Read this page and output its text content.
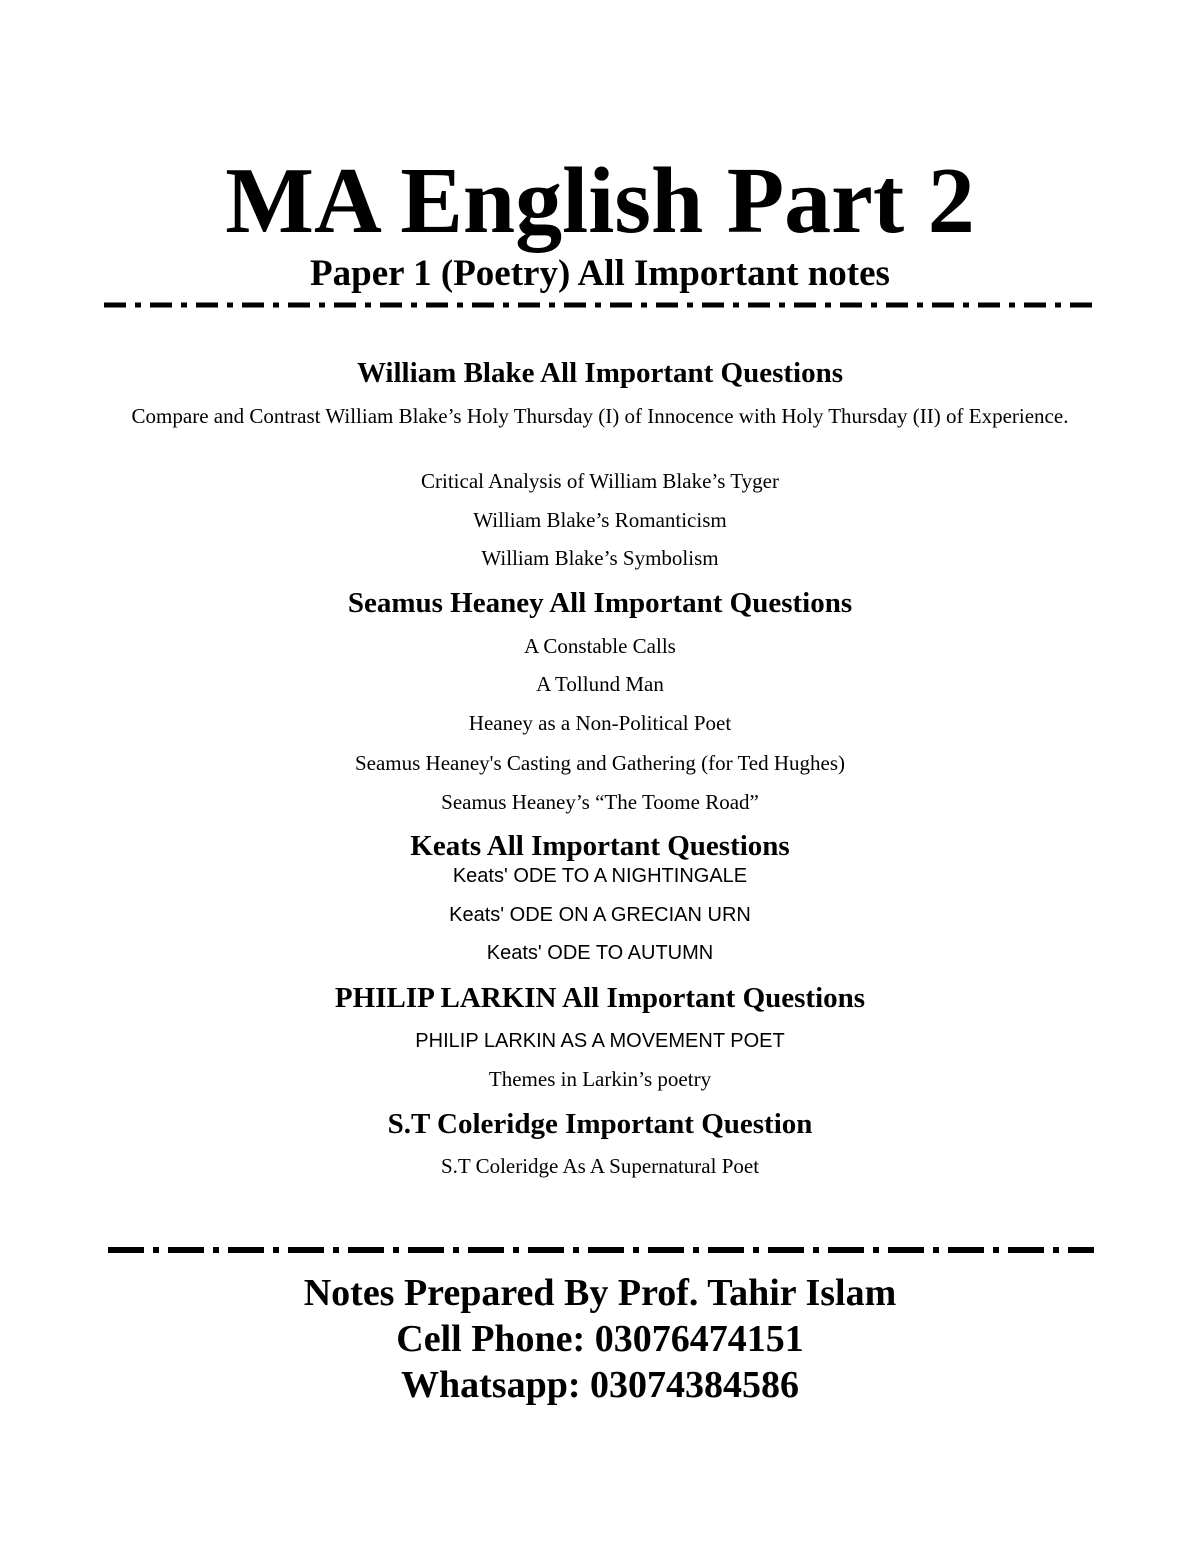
MA English Part 2
Paper 1 (Poetry) All Important notes
William Blake All Important Questions
Compare and Contrast William Blake’s Holy Thursday (I) of Innocence with Holy Thursday (II) of Experience.
Critical Analysis of William Blake’s Tyger
William Blake’s Romanticism
William Blake’s Symbolism
Seamus Heaney All Important Questions
A Constable Calls
A Tollund Man
Heaney as a Non-Political Poet
Seamus Heaney's Casting and Gathering (for Ted Hughes)
Seamus Heaney’s “The Toome Road”
Keats All Important Questions
Keats' ODE TO A NIGHTINGALE
Keats' ODE ON A GRECIAN URN
Keats' ODE TO AUTUMN
PHILIP LARKIN All Important Questions
PHILIP LARKIN AS A MOVEMENT POET
Themes in Larkin’s poetry
S.T Coleridge Important Question
S.T Coleridge As A Supernatural Poet
Notes Prepared By Prof. Tahir Islam
Cell Phone: 03076474151
Whatsapp: 03074384586
